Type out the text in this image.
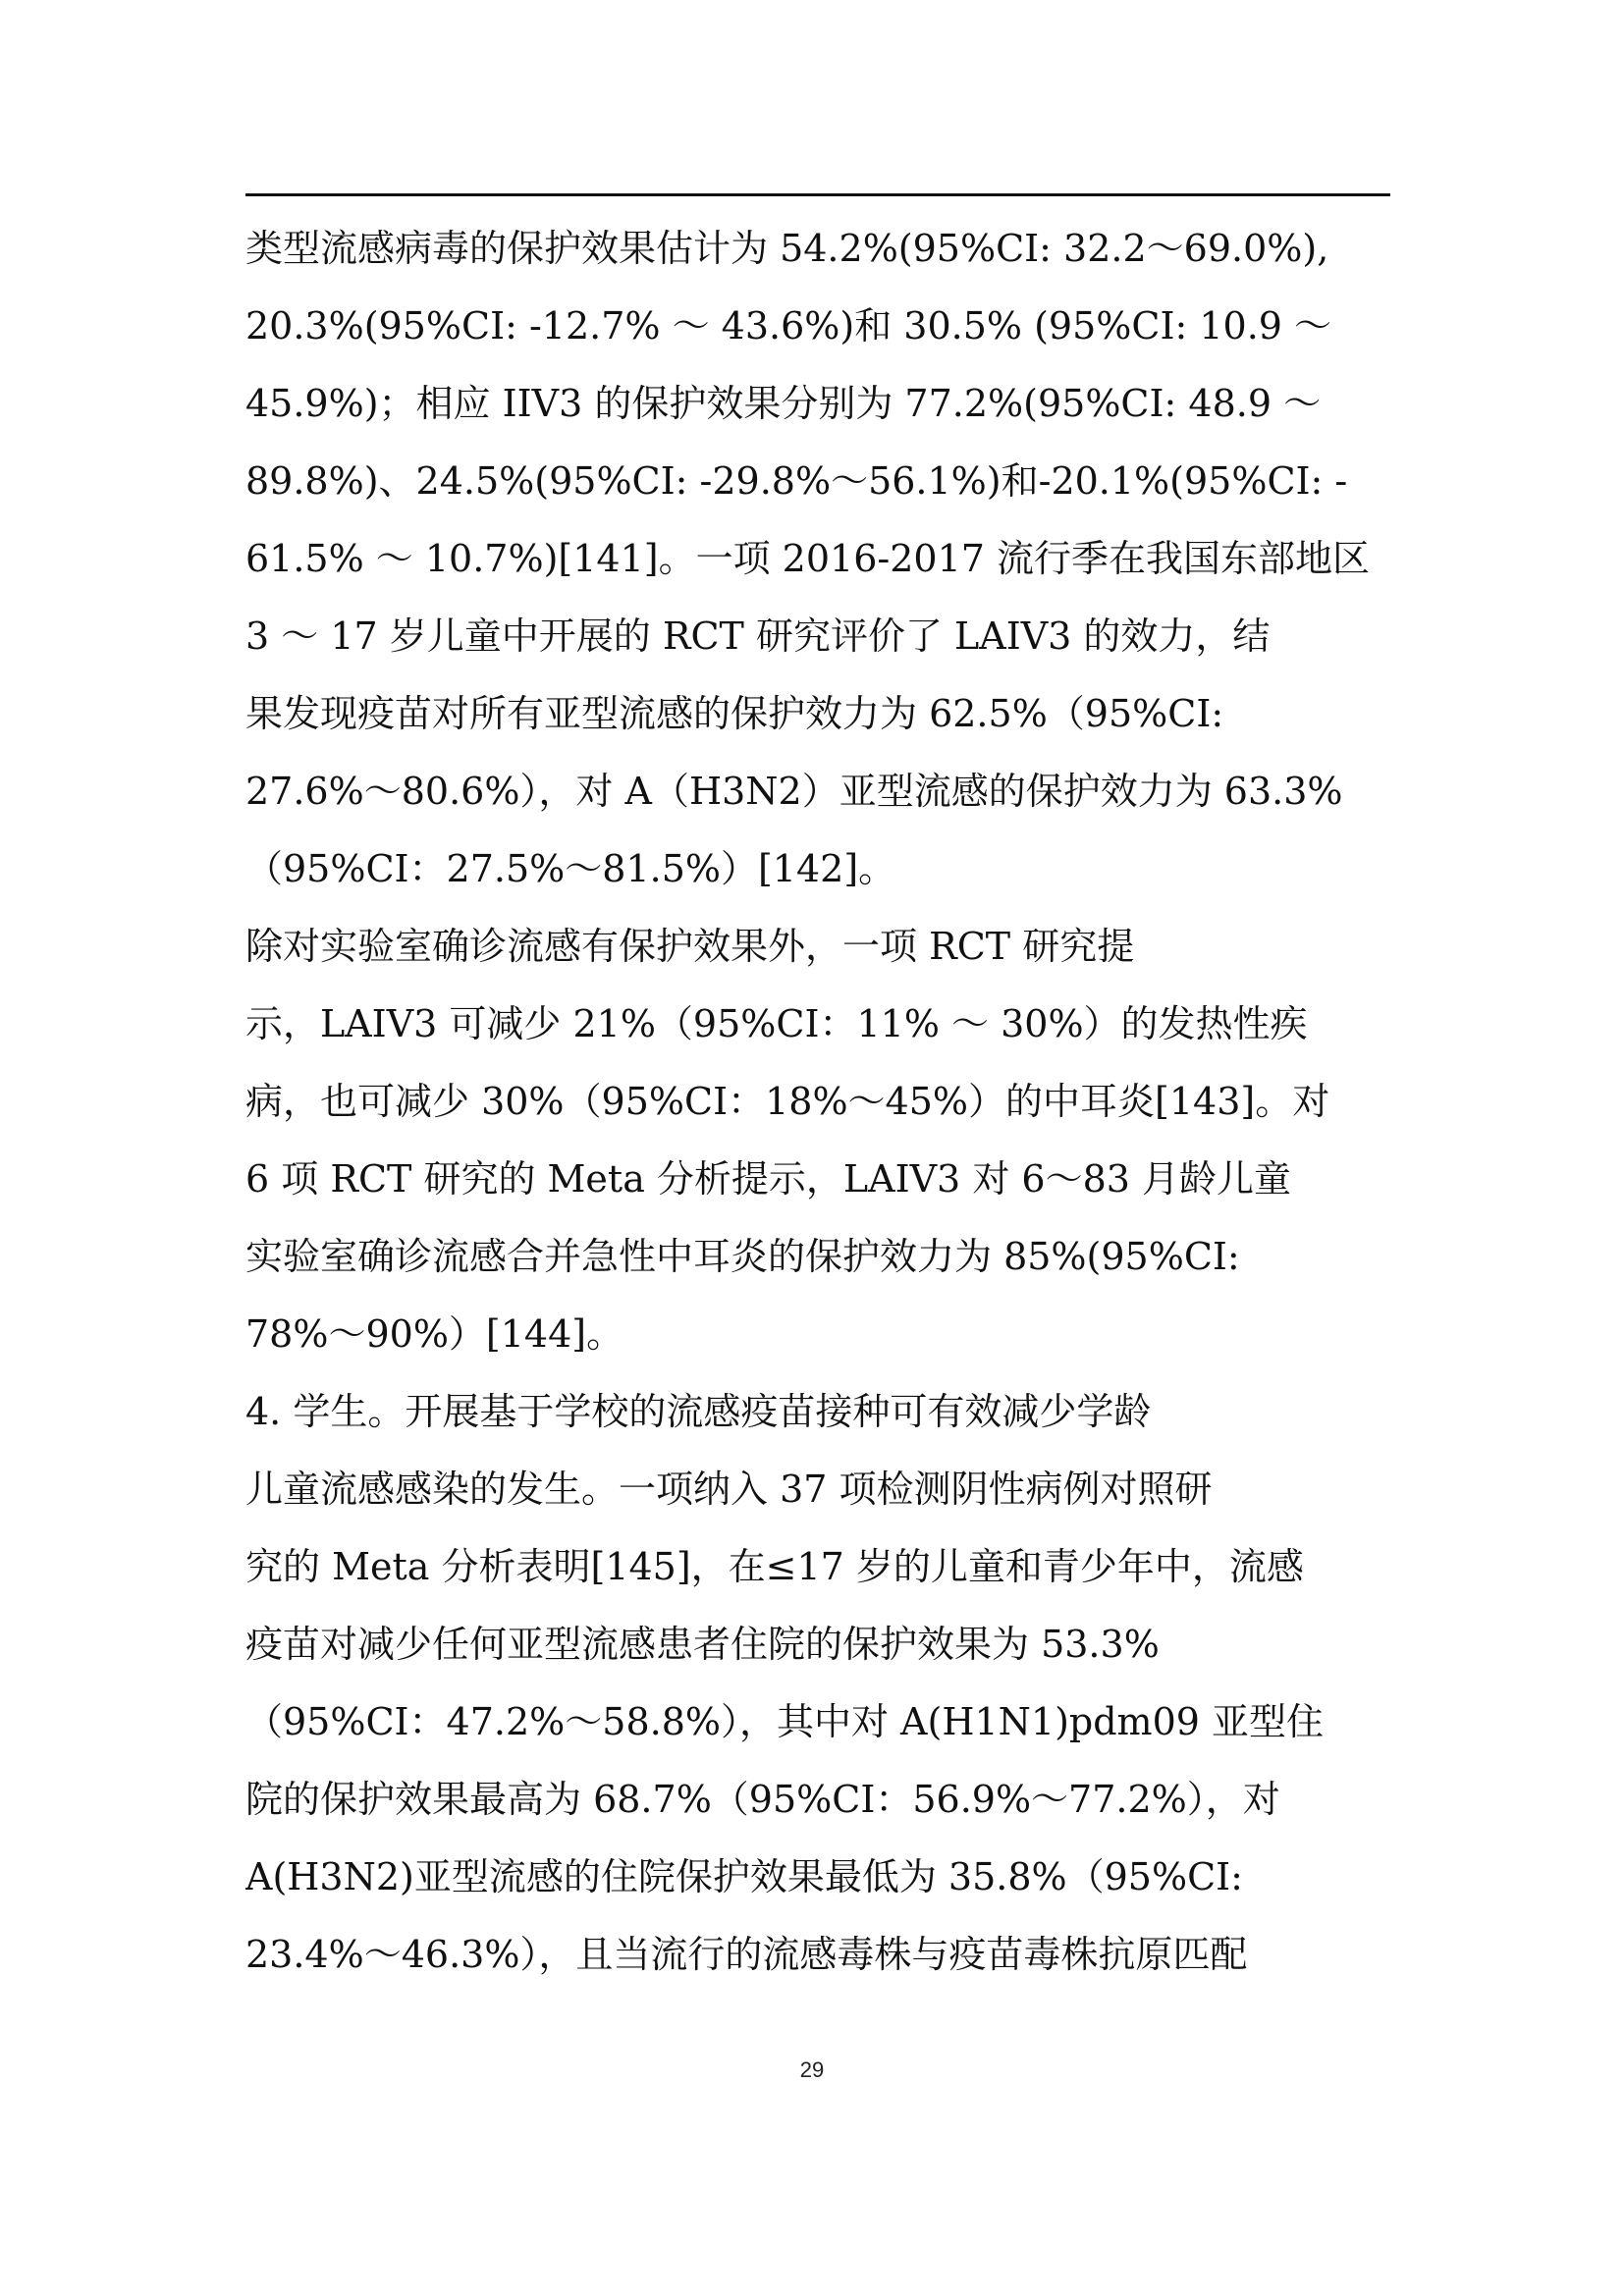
类型流感病毒的保护效果估计为 54.2%(95%CI: 32.2～69.0%),
20.3%(95%CI: -12.7% ～ 43.6%)和 30.5% (95%CI: 10.9 ～
45.9%)；相应 IIV3 的保护效果分别为 77.2%(95%CI: 48.9 ～
89.8%)、24.5%(95%CI: -29.8%～56.1%)和-20.1%(95%CI: -
61.5% ～ 10.7%)[141]。一项 2016-2017 流行季在我国东部地区
3 ～ 17 岁儿童中开展的 RCT 研究评价了 LAIV3 的效力，结
果发现疫苗对所有亚型流感的保护效力为 62.5%（95%CI:
27.6%～80.6%），对 A（H3N2）亚型流感的保护效力为 63.3%
（95%CI：27.5%～81.5%）[142]。
除对实验室确诊流感有保护效果外，一项 RCT 研究提
示，LAIV3 可减少 21%（95%CI：11% ～ 30%）的发热性疾
病，也可减少 30%（95%CI：18%～45%）的中耳炎[143]。对
6 项 RCT 研究的 Meta 分析提示，LAIV3 对 6～83 月龄儿童
实验室确诊流感合并急性中耳炎的保护效力为 85%(95%CI:
78%～90%）[144]。
4. 学生。开展基于学校的流感疫苗接种可有效减少学龄
儿童流感感染的发生。一项纳入 37 项检测阴性病例对照研
究的 Meta 分析表明[145]，在≤17 岁的儿童和青少年中，流感
疫苗对减少任何亚型流感患者住院的保护效果为 53.3%
（95%CI：47.2%～58.8%），其中对 A(H1N1)pdm09 亚型住
院的保护效果最高为 68.7%（95%CI：56.9%～77.2%），对
A(H3N2)亚型流感的住院保护效果最低为 35.8%（95%CI:
23.4%～46.3%），且当流行的流感毒株与疫苗毒株抗原匹配
29
